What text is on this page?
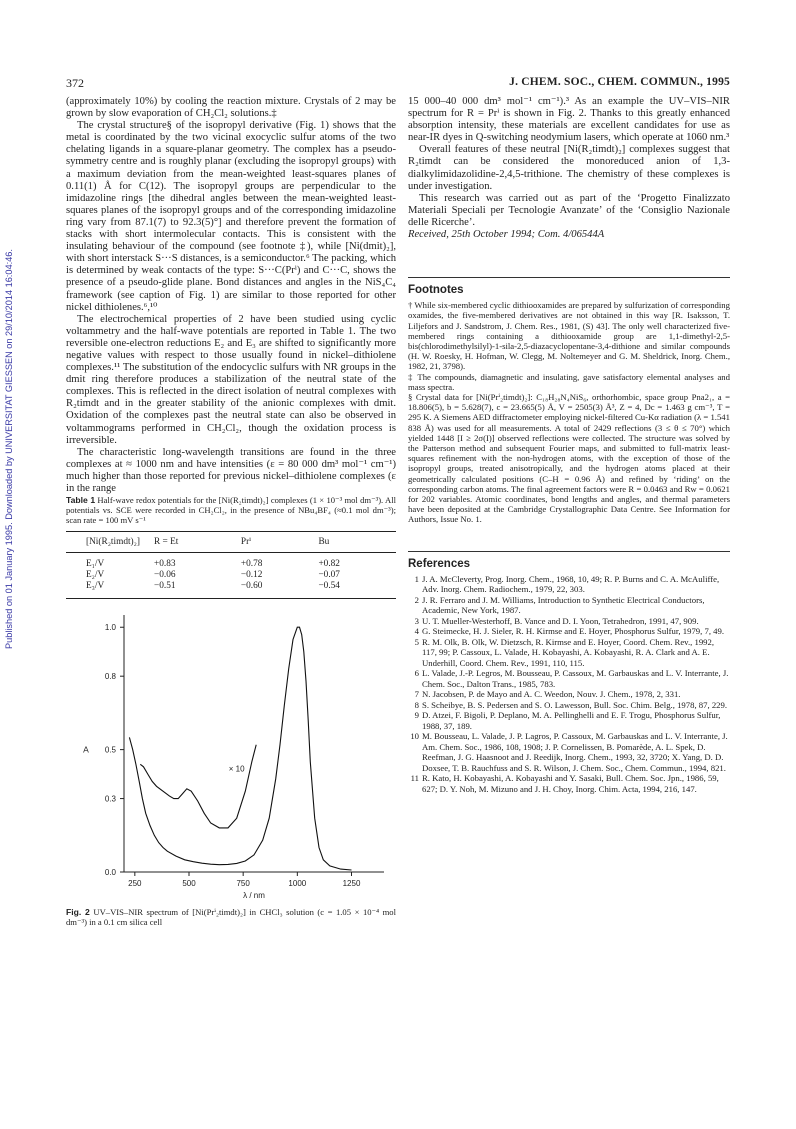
372	J. CHEM. SOC., CHEM. COMMUN., 1995
Published on 01 January 1995. Downloaded by UNIVERSITAT GIESSEN on 29/10/2014 16:04:46.

(approximately 10%) by cooling the reaction mixture. Crystals of 2 may be grown by slow evaporation of CH₂Cl₂ solutions.‡

The crystal structure§ of the isopropyl derivative (Fig. 1) shows that the metal is coordinated by the two vicinal exocyclic sulfur atoms of the two chelating ligands in a square-planar geometry. The complex has a pseudo-symmetry centre and is roughly planar (excluding the isopropyl groups) with a maximum deviation from the mean-weighted least-squares planes of 0.11(1) Å for C(12). The isopropyl groups are perpendicular to the imidazoline rings [the dihedral angles between the mean-weighted least-squares planes of the isopropyl groups and of the corresponding imidazoline ring vary from 87.1(7) to 92.3(5)°] and therefore prevent the formation of stacks with short intermolecular contacts. This is consistent with the insulating behaviour of the compound (see footnote ‡), while [Ni(dmit)₂], with short interstack S···S distances, is a semiconductor.⁶ The packing, which is determined by weak contacts of the type: S···C(Prⁱ) and C···C, shows the presence of a pseudo-glide plane. Bond distances and angles in the NiS₄C₄ framework (see caption of Fig. 1) are similar to those reported for other nickel dithiolenes.⁶,¹⁰

The electrochemical properties of 2 have been studied using cyclic voltammetry and the half-wave potentials are reported in Table 1. The two reversible one-electron reductions E₂ and E₃ are shifted to significantly more negative values with respect to those usually found in nickel–dithiolene complexes.¹¹ The substitution of the endocyclic sulfurs with NR groups in the dmit ring therefore produces a stabilization of the neutral state of the complexes. This is reflected in the direct isolation of neutral complexes with R₂timdt and in the greater stability of the anionic complexes with dmit. Oxidation of the complexes past the neutral state can also be observed in voltammograms performed in CH₂Cl₂, though the oxidation process is irreversible.

The characteristic long-wavelength transitions are found in the three complexes at ≈ 1000 nm and have intensities (ε = 80 000 dm³ mol⁻¹ cm⁻¹) much higher than those reported for previous nickel–dithiolene complexes (ε in the range

Table 1 Half-wave redox potentials for the [Ni(R₂timdt)₂] complexes (1 × 10⁻³ mol dm⁻³). All potentials vs. SCE were recorded in CH₂Cl₂, in the presence of NBu₄BF₄ (≈0.1 mol dm⁻³); scan rate = 100 mV s⁻¹

[Ni(R₂timdt)₂]	R = Et	Prⁱ	Bu
E₁/V	+0.83	+0.78	+0.82
E₂/V	−0.06	−0.12	−0.07
E₃/V	−0.51	−0.60	−0.54
250	500	750	1000	1250
0.0
0.3
0.5
0.8
1.0
λ / nm
A
× 10

Fig. 2 UV–VIS–NIR spectrum of [Ni(Prⁱ₂timdt)₂] in CHCl₃ solution (c = 1.05 × 10⁻⁴ mol dm⁻³) in a 0.1 cm silica cell

15 000–40 000 dm³ mol⁻¹ cm⁻¹).³ As an example the UV–VIS–NIR spectrum for R = Prⁱ is shown in Fig. 2. Thanks to this greatly enhanced absorption intensity, these materials are excellent candidates for use as near-IR dyes in Q-switching neodymium lasers, which operate at 1060 nm.³

Overall features of these neutral [Ni(R₂timdt)₂] complexes suggest that R₂timdt can be considered the monoreduced anion of 1,3-dialkylimidazolidine-2,4,5-trithione. The chemistry of these complexes is under investigation.

This research was carried out as part of the ‘Progetto Finalizzato Materiali Speciali per Tecnologie Avanzate’ of the ‘Consiglio Nazionale delle Ricerche’.

Received, 25th October 1994; Com. 4/06544A

Footnotes

† While six-membered cyclic dithiooxamides are prepared by sulfurization of corresponding oxamides, the five-membered derivatives are not obtained in this way [R. Isaksson, T. Liljefors and J. Sandstrom, J. Chem. Res., 1981, (S) 43]. The only well characterized five-membered rings containing a dithiooxamide group are 1,1-dimethyl-2,5-bis(chlorodimethylsilyl)-1-sila-2,5-diazacyclopentane-3,4-dithione and similar compounds (H. W. Roesky, H. Hofman, W. Clegg, M. Noltemeyer and G. M. Sheldrick, Inorg. Chem., 1982, 21, 3798).

‡ The compounds, diamagnetic and insulating, gave satisfactory elemental analyses and mass spectra.

§ Crystal data for [Ni(Prⁱ₂timdt)₂]: C₁₈H₂₈N₄NiS₆, orthorhombic, space group Pna2₁, a = 18.806(5), b = 5.628(7), c = 23.665(5) Å, V = 2505(3) Å³, Z = 4, Dc = 1.463 g cm⁻³, T = 295 K. A Siemens AED diffractometer employing nickel-filtered Cu-Kα radiation (λ = 1.541 838 Å) was used for all measurements. A total of 2429 reflections (3 ≤ θ ≤ 70°) which yielded 1448 [I ≥ 2σ(I)] observed reflections were collected. The structure was solved by the Patterson method and subsequent Fourier maps, and submitted to full-matrix least-squares refinement with the non-hydrogen atoms, with the exception of those of the isopropyl groups, treated anisotropically, and the hydrogen atoms placed at their geometrically calculated positions (C–H = 0.96 Å) and refined by ‘riding’ on the corresponding carbon atoms. The final agreement factors were R = 0.0463 and Rw = 0.0621 for 202 variables. Atomic coordinates, bond lengths and angles, and thermal parameters have been deposited at the Cambridge Crystallographic Data Centre. See Information for Authors, Issue No. 1.

References
1 J. A. McCleverty, Prog. Inorg. Chem., 1968, 10, 49; R. P. Burns and C. A. McAuliffe, Adv. Inorg. Chem. Radiochem., 1979, 22, 303.
2 J. R. Ferraro and J. M. Williams, Introduction to Synthetic Electrical Conductors, Academic, New York, 1987.
3 U. T. Mueller-Westerhoff, B. Vance and D. I. Yoon, Tetrahedron, 1991, 47, 909.
4 G. Steimecke, H. J. Sieler, R. H. Kirmse and E. Hoyer, Phosphorus Sulfur, 1979, 7, 49.
5 R. M. Olk, B. Olk, W. Dietzsch, R. Kirmse and E. Hoyer, Coord. Chem. Rev., 1992, 117, 99; P. Cassoux, L. Valade, H. Kobayashi, A. Kobayashi, R. A. Clark and A. E. Underhill, Coord. Chem. Rev., 1991, 110, 115.
6 L. Valade, J.-P. Legros, M. Bousseau, P. Cassoux, M. Garbauskas and L. V. Interrante, J. Chem. Soc., Dalton Trans., 1985, 783.
7 N. Jacobsen, P. de Mayo and A. C. Weedon, Nouv. J. Chem., 1978, 2, 331.
8 S. Scheibye, B. S. Pedersen and S. O. Lawesson, Bull. Soc. Chim. Belg., 1978, 87, 229.
9 D. Atzei, F. Bigoli, P. Deplano, M. A. Pellinghelli and E. F. Trogu, Phosphorus Sulfur, 1988, 37, 189.
10 M. Bousseau, L. Valade, J. P. Lagros, P. Cassoux, M. Garbauskas and L. V. Interrante, J. Am. Chem. Soc., 1986, 108, 1908; J. P. Cornelissen, B. Pomarède, A. L. Spek, D. Reefman, J. G. Haasnoot and J. Reedijk, Inorg. Chem., 1993, 32, 3720; X. Yang, D. D. Doxsee, T. B. Rauchfuss and S. R. Wilson, J. Chem. Soc., Chem. Commun., 1994, 821.
11 R. Kato, H. Kobayashi, A. Kobayashi and Y. Sasaki, Bull. Chem. Soc. Jpn., 1986, 59, 627; D. Y. Noh, M. Mizuno and J. H. Choy, Inorg. Chim. Acta, 1994, 216, 147.
